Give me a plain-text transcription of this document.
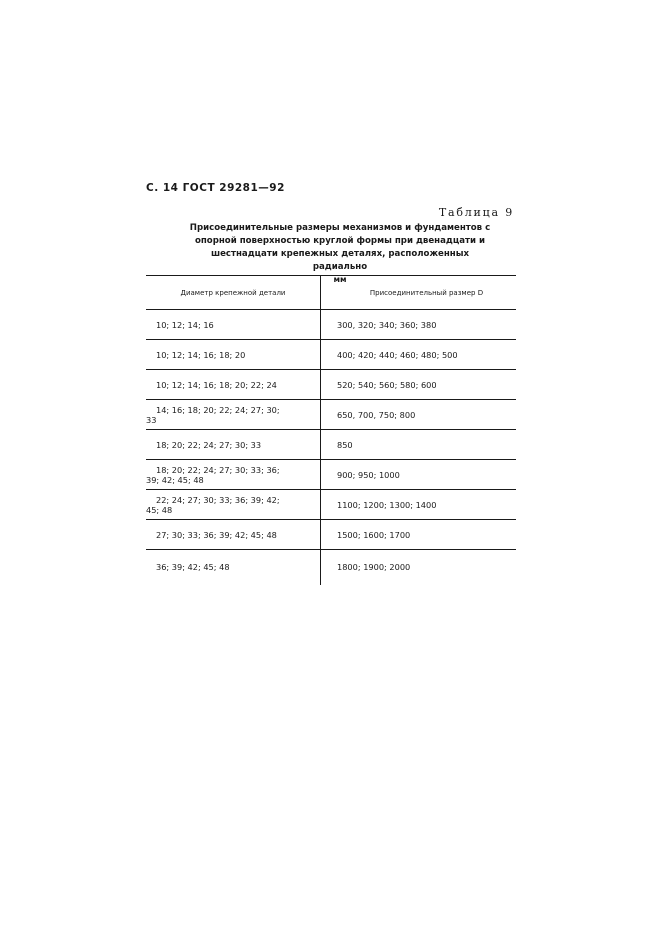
С. 14 ГОСТ 29281—92
Таблица 9
Присоединительные размеры механизмов и фундаментов с опорной поверхностью круглой формы при двенадцати и шестнадцати крепежных деталях, расположенных радиально
мм
Диаметр крепежной детали	Присоединительный размер D

10; 12; 14; 16	300, 320; 340; 360; 380

10; 12; 14; 16; 18; 20	400; 420; 440; 460; 480; 500

10; 12; 14; 16; 18; 20; 22; 24	520; 540; 560; 580; 600

14; 16; 18; 20; 22; 24; 27; 30;
33	650, 700, 750; 800

18; 20; 22; 24; 27; 30; 33	850

18; 20; 22; 24; 27; 30; 33; 36;
39; 42; 45; 48	900; 950; 1000

22; 24; 27; 30; 33; 36; 39; 42;
45; 48	1100; 1200; 1300; 1400

27; 30; 33; 36; 39; 42; 45; 48	1500; 1600; 1700

36; 39; 42; 45; 48	1800; 1900; 2000
